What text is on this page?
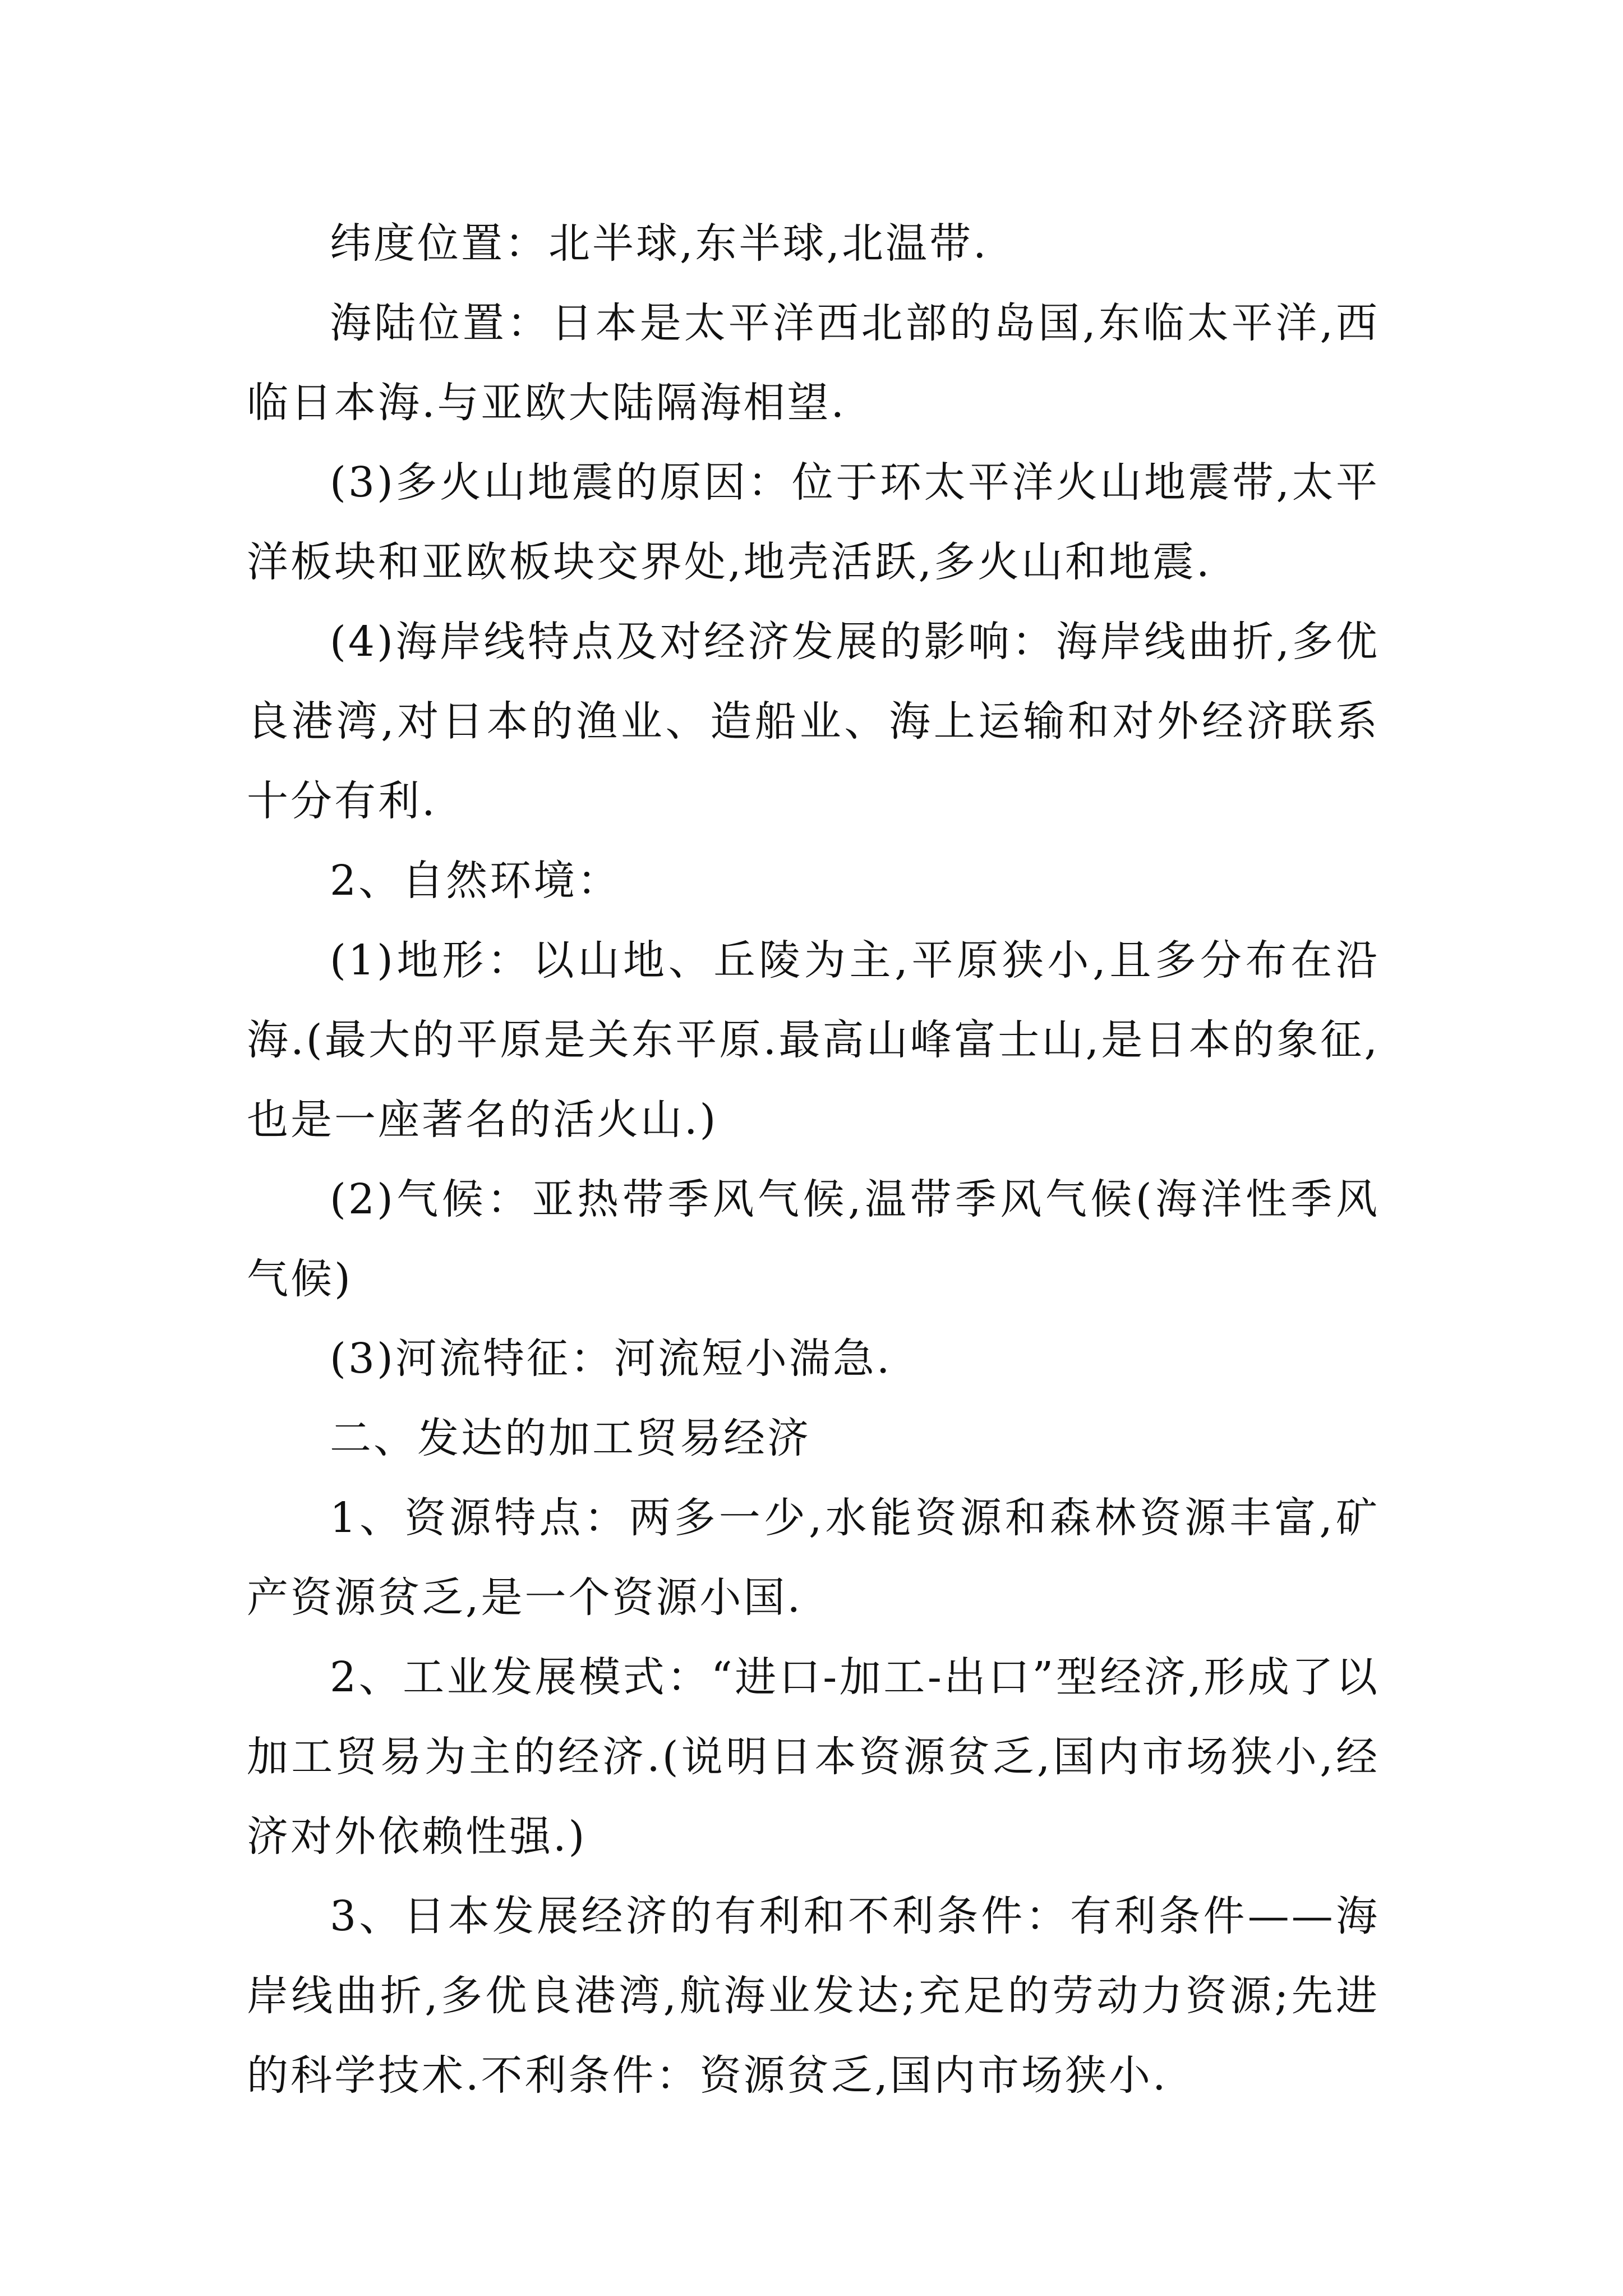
纬度位置：北半球,东半球,北温带.

海陆位置：日本是太平洋西北部的岛国,东临太平洋,西临日本海.与亚欧大陆隔海相望.

(3)多火山地震的原因：位于环太平洋火山地震带,太平洋板块和亚欧板块交界处,地壳活跃,多火山和地震.

(4)海岸线特点及对经济发展的影响：海岸线曲折,多优良港湾,对日本的渔业、造船业、海上运输和对外经济联系十分有利.

2、自然环境：

(1)地形：以山地、丘陵为主,平原狭小,且多分布在沿海.(最大的平原是关东平原.最高山峰富士山,是日本的象征,也是一座著名的活火山.)

(2)气候：亚热带季风气候,温带季风气候(海洋性季风气候)

(3)河流特征：河流短小湍急.

二、发达的加工贸易经济

1、资源特点：两多一少,水能资源和森林资源丰富,矿产资源贫乏,是一个资源小国.

2、工业发展模式：“进口-加工-出口”型经济,形成了以加工贸易为主的经济.(说明日本资源贫乏,国内市场狭小,经济对外依赖性强.)

3、日本发展经济的有利和不利条件：有利条件——海岸线曲折,多优良港湾,航海业发达;充足的劳动力资源;先进的科学技术.不利条件：资源贫乏,国内市场狭小.
